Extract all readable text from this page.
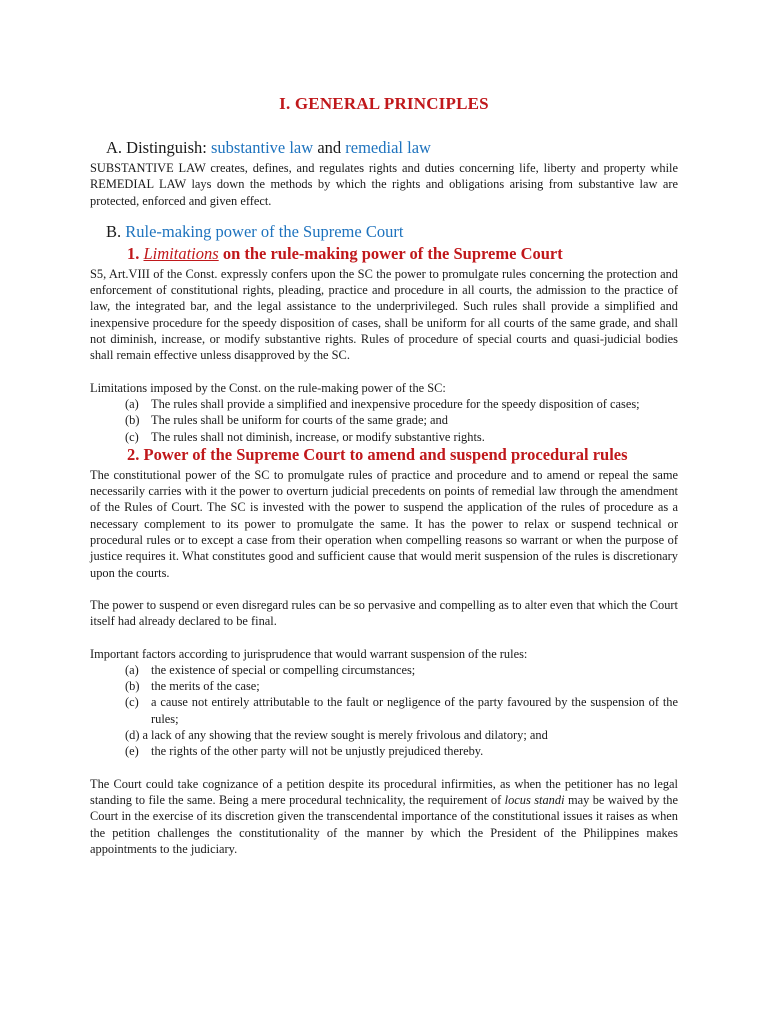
I. GENERAL PRINCIPLES
A. Distinguish: substantive law and remedial law

SUBSTANTIVE LAW creates, defines, and regulates rights and duties concerning life, liberty and property while REMEDIAL LAW lays down the methods by which the rights and obligations arising from substantive law are protected, enforced and given effect.

B. Rule-making power of the Supreme Court
1. Limitations on the rule-making power of the Supreme Court

S5, Art.VIII of the Const. expressly confers upon the SC the power to promulgate rules concerning the protection and enforcement of constitutional rights, pleading, practice and procedure in all courts, the admission to the practice of law, the integrated bar, and the legal assistance to the underprivileged. Such rules shall provide a simplified and inexpensive procedure for the speedy disposition of cases, shall be uniform for all courts of the same grade, and shall not diminish, increase, or modify substantive rights. Rules of procedure of special courts and quasi-judicial bodies shall remain effective unless disapproved by the SC.

Limitations imposed by the Const. on the rule-making power of the SC:

(a) The rules shall provide a simplified and inexpensive procedure for the speedy disposition of cases;
(b) The rules shall be uniform for courts of the same grade; and
(c) The rules shall not diminish, increase, or modify substantive rights.
2. Power of the Supreme Court to amend and suspend procedural rules

The constitutional power of the SC to promulgate rules of practice and procedure and to amend or repeal the same necessarily carries with it the power to overturn judicial precedents on points of remedial law through the amendment of the Rules of Court. The SC is invested with the power to suspend the application of the rules of procedure as a necessary complement to its power to promulgate the same. It has the power to relax or suspend technical or procedural rules or to except a case from their operation when compelling reasons so warrant or when the purpose of justice requires it. What constitutes good and sufficient cause that would merit suspension of the rules is discretionary upon the courts.

The power to suspend or even disregard rules can be so pervasive and compelling as to alter even that which the Court itself had already declared to be final.

Important factors according to jurisprudence that would warrant suspension of the rules:

(a) the existence of special or compelling circumstances;
(b) the merits of the case;
(c) a cause not entirely attributable to the fault or negligence of the party favoured by the suspension of the rules;
(d) a lack of any showing that the review sought is merely frivolous and dilatory; and
(e) the rights of the other party will not be unjustly prejudiced thereby.

The Court could take cognizance of a petition despite its procedural infirmities, as when the petitioner has no legal standing to file the same. Being a mere procedural technicality, the requirement of locus standi may be waived by the Court in the exercise of its discretion given the transcendental importance of the constitutional issues it raises as when the petition challenges the constitutionality of the manner by which the President of the Philippines makes appointments to the judiciary.
